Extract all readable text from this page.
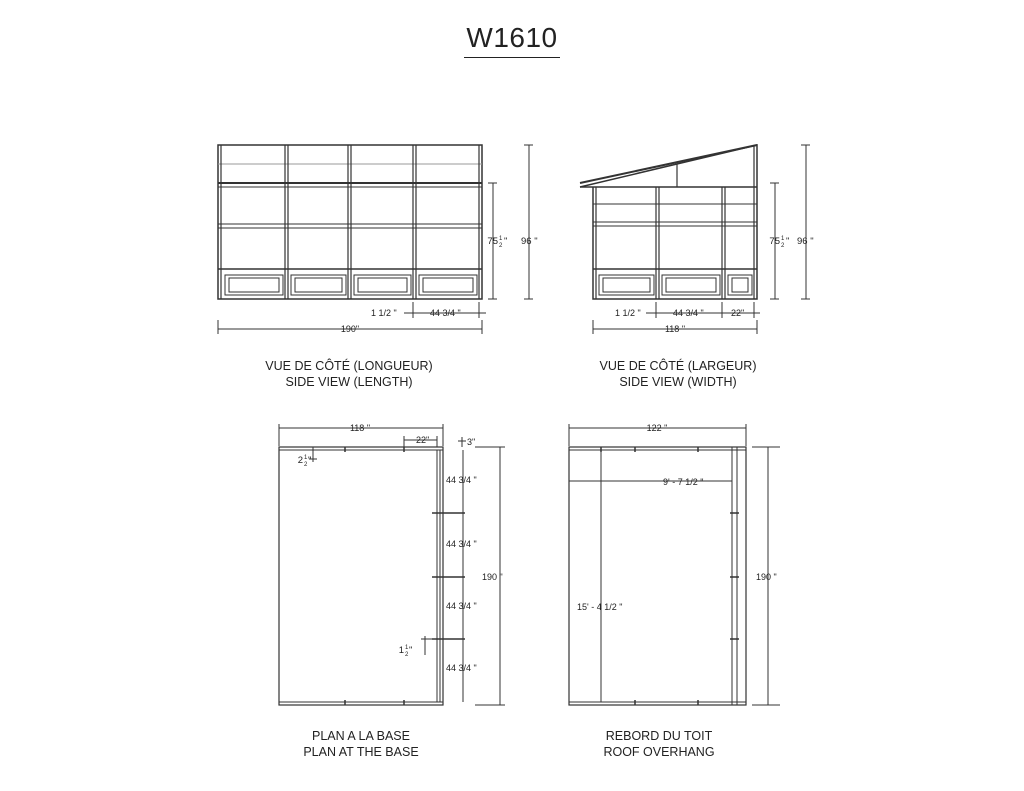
W1610
75 1
2 " 96 "
1 1/2 "	44 3/4 "
190"
75 1
2 " 96 "
1 1/2 "	44 3/4 "	22"
118 "
118 "
22"	3"
2 1
2 "
44 3/4 "
44 3/4 "
44 3/4 "
44 3/4 "
1 1
2 "
190 "
122 "
9' - 7 1/2 "
15' - 4 1/2 "
190 "
VUE DE CÔTÉ (LONGUEUR)
SIDE VIEW (LENGTH)
VUE DE CÔTÉ (LARGEUR)
SIDE VIEW (WIDTH)
PLAN A LA BASE
PLAN AT THE BASE
REBORD DU TOIT
ROOF OVERHANG
